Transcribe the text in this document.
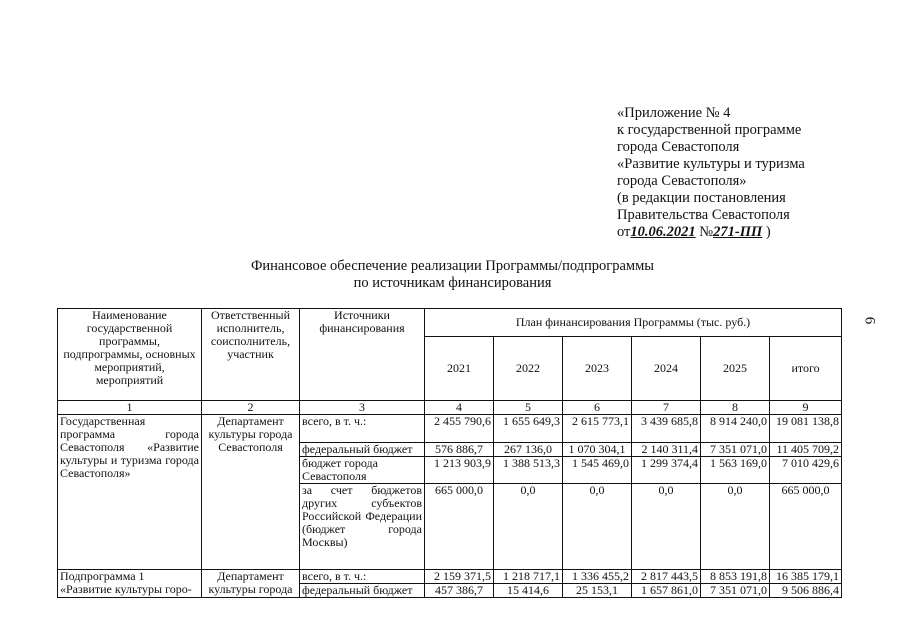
«Приложение № 4
к государственной программе
города Севастополя
«Развитие культуры и туризма
города Севастополя»
(в редакции постановления
Правительства Севастополя
от10.06.2021 №271-ПП )
Финансовое обеспечение реализации Программы/подпрограммы
по источникам финансирования
6
Наименование государственной программы, подпрограммы, основных мероприятий, мероприятий	Ответственный исполнитель, соисполнитель, участник	Источники финансирования	План финансирования Программы (тыс. руб.)					
			2021	2022	2023	2024	2025	итого
1	2	3	4	5	6	7	8	9
Государственная программа города Севастополя «Развитие культуры и туризма города Севастополя»	Департамент культуры города Севастополя	всего, в т. ч.:	2 455 790,6	1 655 649,3	2 615 773,1	3 439 685,8	8 914 240,0	19 081 138,8
		федеральный бюджет	576 886,7	267 136,0	1 070 304,1	2 140 311,4	7 351 071,0	11 405 709,2
		бюджет города Севастополя	1 213 903,9	1 388 513,3	1 545 469,0	1 299 374,4	1 563 169,0	7 010 429,6
		за счет бюджетов других субъектов Российской Федерации (бюджет города Москвы)	665 000,0	0,0	0,0	0,0	0,0	665 000,0
Подпрограмма 1 «Развитие культуры горо-	Департамент культуры города	всего, в т. ч.:	2 159 371,5	1 218 717,1	1 336 455,2	2 817 443,5	8 853 191,8	16 385 179,1
		федеральный бюджет	457 386,7	15 414,6	25 153,1	1 657 861,0	7 351 071,0	9 506 886,4
